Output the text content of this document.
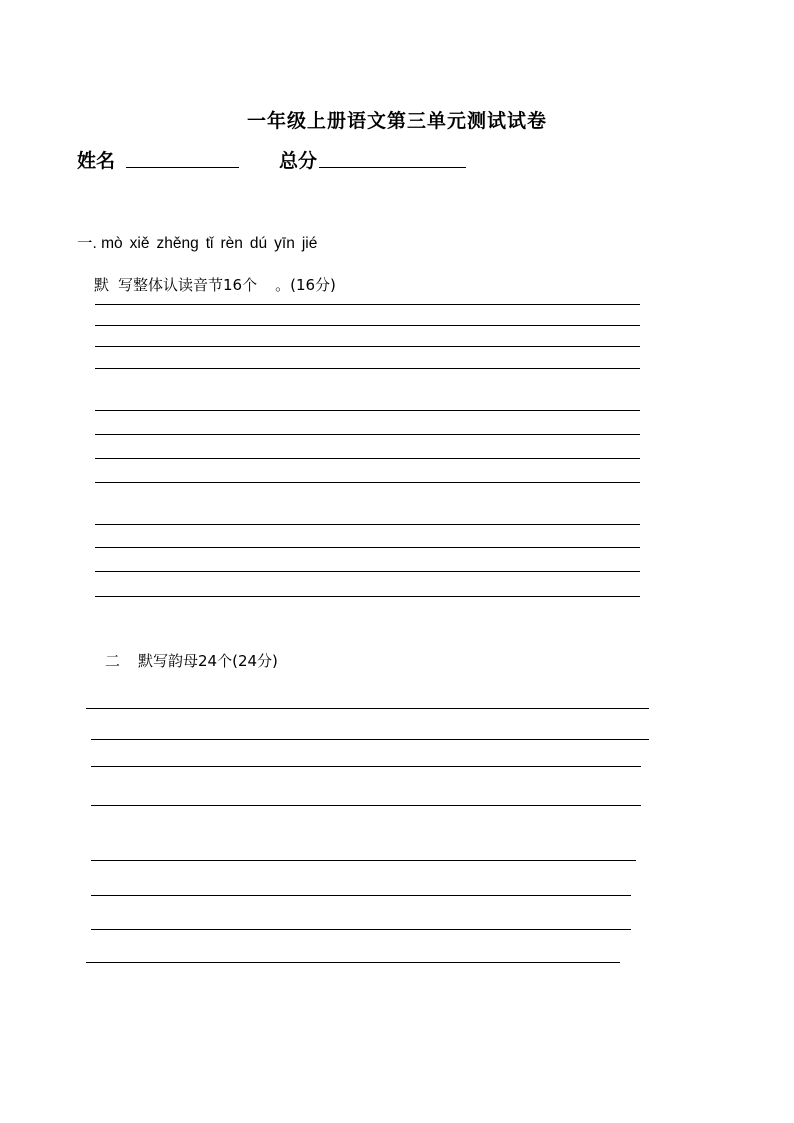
一年级上册语文第三单元测试试卷
姓名	总分
一. mò xiě zhěng tǐ rèn dú yīn jié
默 写整体认读音节16个 。(16分)
二 默写韵母24个(24分)
